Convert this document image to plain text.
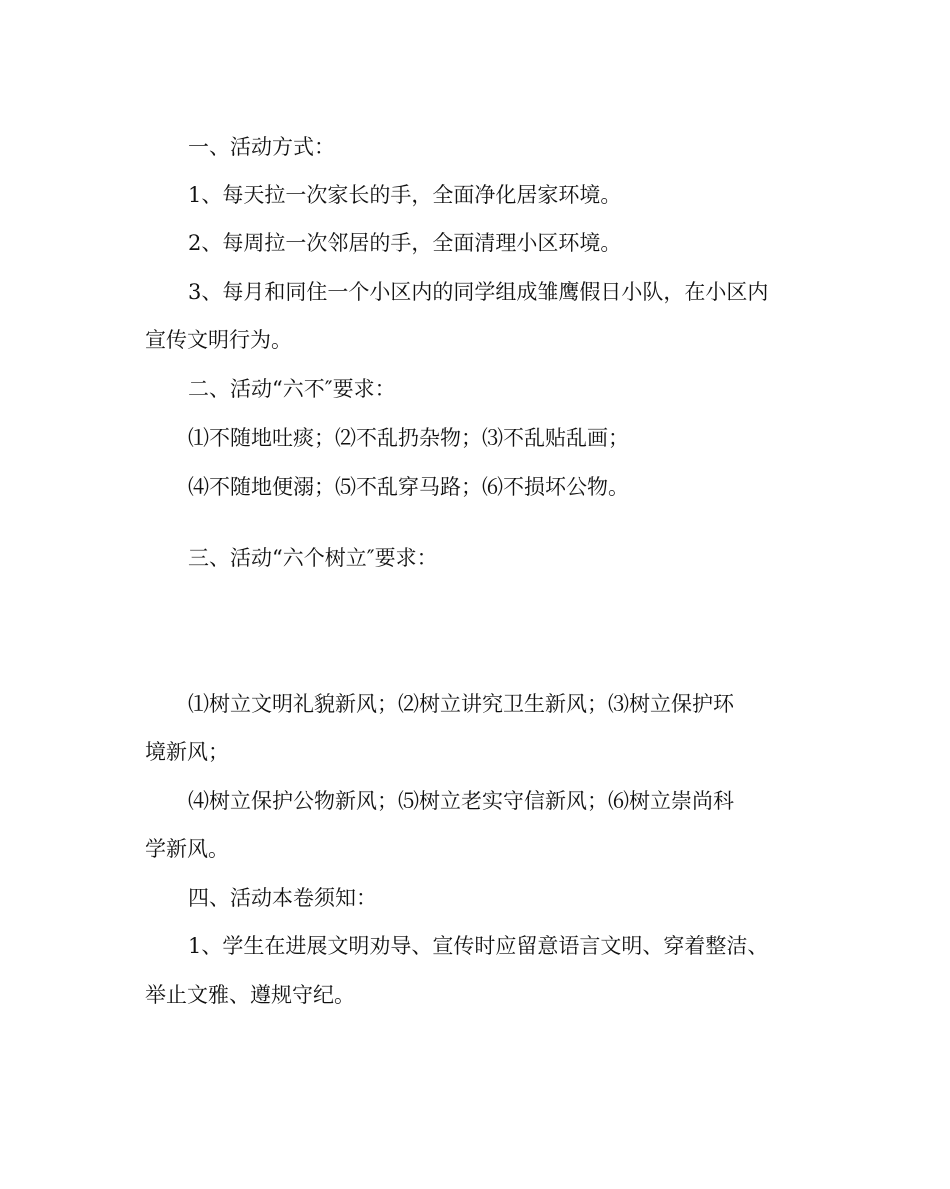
一、活动方式：
1、每天拉一次家长的手，全面净化居家环境。
2、每周拉一次邻居的手，全面清理小区环境。
3、每月和同住一个小区内的同学组成雏鹰假日小队，在小区内
宣传文明行为。
二、活动“六不″要求：
⑴不随地吐痰；⑵不乱扔杂物；⑶不乱贴乱画；
⑷不随地便溺；⑸不乱穿马路；⑹不损坏公物。
三、活动“六个树立″要求：
⑴树立文明礼貌新风；⑵树立讲究卫生新风；⑶树立保护环
境新风；
⑷树立保护公物新风；⑸树立老实守信新风；⑹树立崇尚科
学新风。
四、活动本卷须知：
1、学生在进展文明劝导、宣传时应留意语言文明、穿着整洁、
举止文雅、遵规守纪。
